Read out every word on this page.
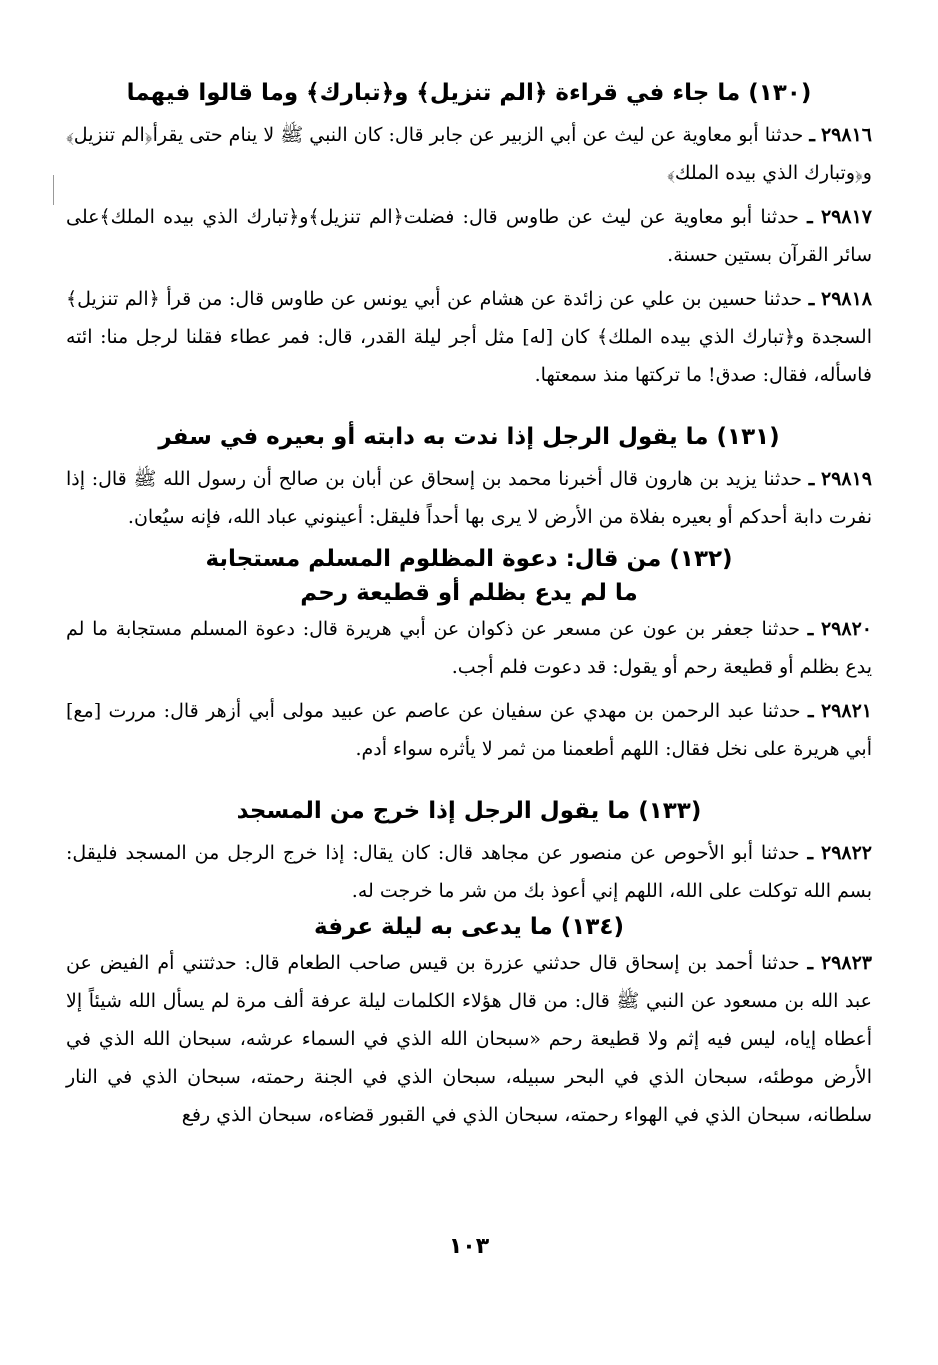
(١٣٠) ما جاء في قراءة ﴿الم تنزيل﴾ و﴿تبارك﴾ وما قالوا فيهما

٢٩٨١٦ ـ حدثنا أبو معاوية عن ليث عن أبي الزبير عن جابر قال: كان النبي ﷺ لا ينام حتى يقرأ﴿الم تنزيل﴾ و﴿وتبارك الذي بيده الملك﴾

٢٩٨١٧ ـ حدثنا أبو معاوية عن ليث عن طاوس قال: فضلت﴿الم تنزيل﴾و﴿تبارك الذي بيده الملك﴾على سائر القرآن بستين حسنة.

٢٩٨١٨ ـ حدثنا حسين بن علي عن زائدة عن هشام عن أبي يونس عن طاوس قال: من قرأ ﴿الم تنزيل﴾ السجدة و﴿تبارك الذي بيده الملك﴾ كان [له] مثل أجر ليلة القدر، قال: فمر عطاء فقلنا لرجل منا: ائته فاسأله، فقال: صدق! ما تركتها منذ سمعتها.

(١٣١) ما يقول الرجل إذا ندت به دابته أو بعيره في سفر

٢٩٨١٩ ـ حدثنا يزيد بن هارون قال أخبرنا محمد بن إسحاق عن أبان بن صالح أن رسول الله ﷺ قال: إذا نفرت دابة أحدكم أو بعيره بفلاة من الأرض لا يرى بها أحداً فليقل: أعينوني عباد الله، فإنه سيُعان.

(١٣٢) من قال: دعوة المظلوم المسلم مستجابة
ما لم يدع بظلم أو قطيعة رحم

٢٩٨٢٠ ـ حدثنا جعفر بن عون عن مسعر عن ذكوان عن أبي هريرة قال: دعوة المسلم مستجابة ما لم يدع بظلم أو قطيعة رحم أو يقول: قد دعوت فلم أجب.

٢٩٨٢١ ـ حدثنا عبد الرحمن بن مهدي عن سفيان عن عاصم عن عبيد مولى أبي أزهر قال: مررت [مع] أبي هريرة على نخل فقال: اللهم أطعمنا من ثمر لا يأثره سواء أدم.

(١٣٣) ما يقول الرجل إذا خرج من المسجد

٢٩٨٢٢ ـ حدثنا أبو الأحوص عن منصور عن مجاهد قال: كان يقال: إذا خرج الرجل من المسجد فليقل: بسم الله توكلت على الله، اللهم إني أعوذ بك من شر ما خرجت له.

(١٣٤) ما يدعى به ليلة عرفة

٢٩٨٢٣ ـ حدثنا أحمد بن إسحاق قال حدثني عزرة بن قيس صاحب الطعام قال: حدثتني أم الفيض عن عبد الله بن مسعود عن النبي ﷺ قال: من قال هؤلاء الكلمات ليلة عرفة ألف مرة لم يسأل الله شيئاً إلا أعطاه إياه، ليس فيه إثم ولا قطيعة رحم «سبحان الله الذي في السماء عرشه، سبحان الله الذي في الأرض موطئه، سبحان الذي في البحر سبيله، سبحان الذي في الجنة رحمته، سبحان الذي في النار سلطانه، سبحان الذي في الهواء رحمته، سبحان الذي في القبور قضاءه، سبحان الذي رفع

١٠٣
